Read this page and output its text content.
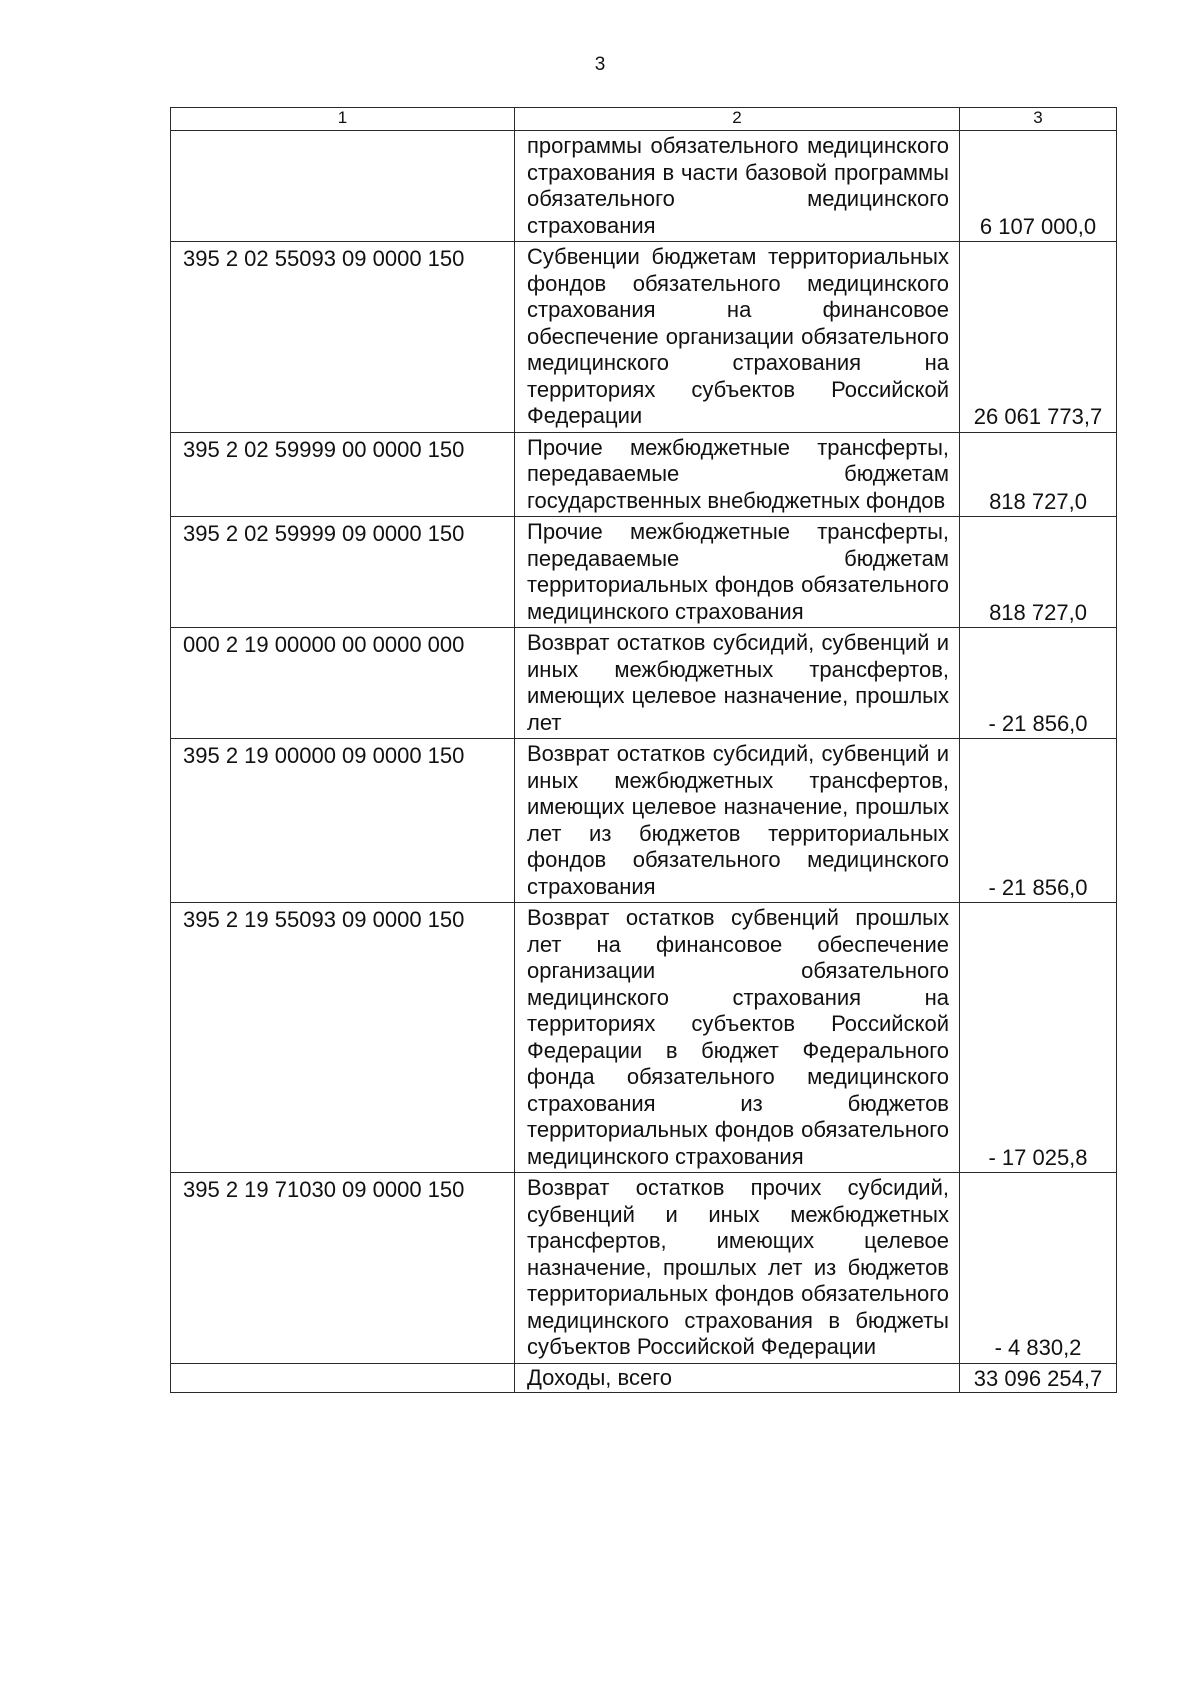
3
1	2	3
	программы обязательного медицинского страхования в части базовой программы обязательного медицинского страхования	6 107 000,0
395 2 02 55093 09 0000 150	Субвенции бюджетам территориальных фондов обязательного медицинского страхования на финансовое обеспечение организации обязательного медицинского страхования на территориях субъектов Российской Федерации	26 061 773,7
395 2 02 59999 00 0000 150	Прочие межбюджетные трансферты, передаваемые бюджетам государственных внебюджетных фондов	818 727,0
395 2 02 59999 09 0000 150	Прочие межбюджетные трансферты, передаваемые бюджетам территориальных фондов обязательного медицинского страхования	818 727,0
000 2 19 00000 00 0000 000	Возврат остатков субсидий, субвенций и иных межбюджетных трансфертов, имеющих целевое назначение, прошлых лет	- 21 856,0
395 2 19 00000 09 0000 150	Возврат остатков субсидий, субвенций и иных межбюджетных трансфертов, имеющих целевое назначение, прошлых лет из бюджетов территориальных фондов обязательного медицинского страхования	- 21 856,0
395 2 19 55093 09 0000 150	Возврат остатков субвенций прошлых лет на финансовое обеспечение организации обязательного медицинского страхования на территориях субъектов Российской Федерации в бюджет Федерального фонда обязательного медицинского страхования из бюджетов территориальных фондов обязательного медицинского страхования	- 17 025,8
395 2 19 71030 09 0000 150	Возврат остатков прочих субсидий, субвенций и иных межбюджетных трансфертов, имеющих целевое назначение, прошлых лет из бюджетов территориальных фондов обязательного медицинского страхования в бюджеты субъектов Российской Федерации	- 4 830,2
	Доходы, всего	33 096 254,7
